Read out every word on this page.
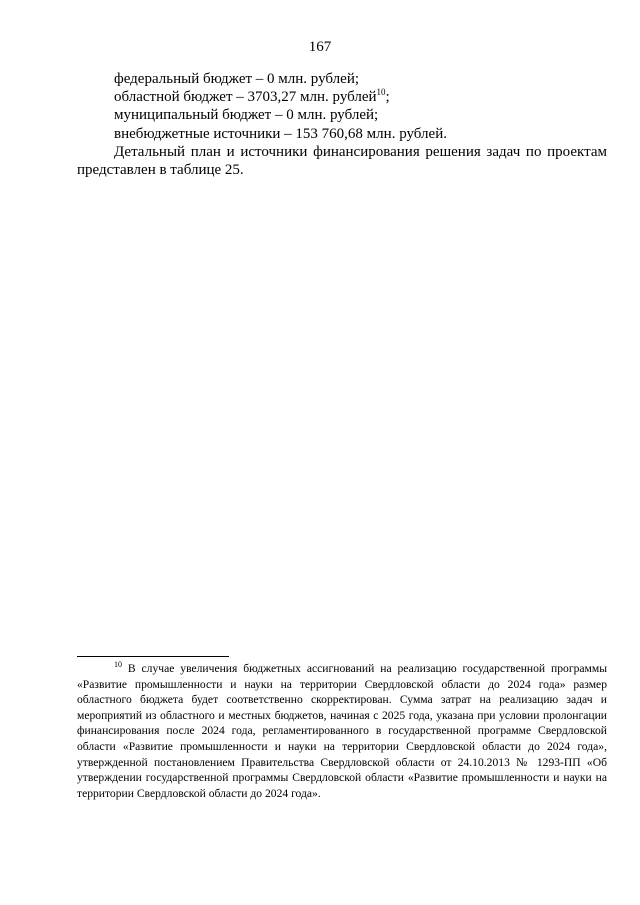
167

федеральный бюджет – 0 млн. рублей;

областной бюджет – 3703,27 млн. рублей$^{10}$;

муниципальный бюджет – 0 млн. рублей;

внебюджетные источники – 153 760,68 млн. рублей.

Детальный план и источники финансирования решения задач по проектам представлен в таблице 25.

$^{10}$ В случае увеличения бюджетных ассигнований на реализацию государственной программы «Развитие промышленности и науки на территории Свердловской области до 2024 года» размер областного бюджета будет соответственно скорректирован. Сумма затрат на реализацию задач и мероприятий из областного и местных бюджетов, начиная с 2025 года, указана при условии пролонгации финансирования после 2024 года, регламентированного в государственной программе Свердловской области «Развитие промышленности и науки на территории Свердловской области до 2024 года», утвержденной постановлением Правительства Свердловской области от 24.10.2013 № 1293-ПП «Об утверждении государственной программы Свердловской области «Развитие промышленности и науки на территории Свердловской области до 2024 года».
